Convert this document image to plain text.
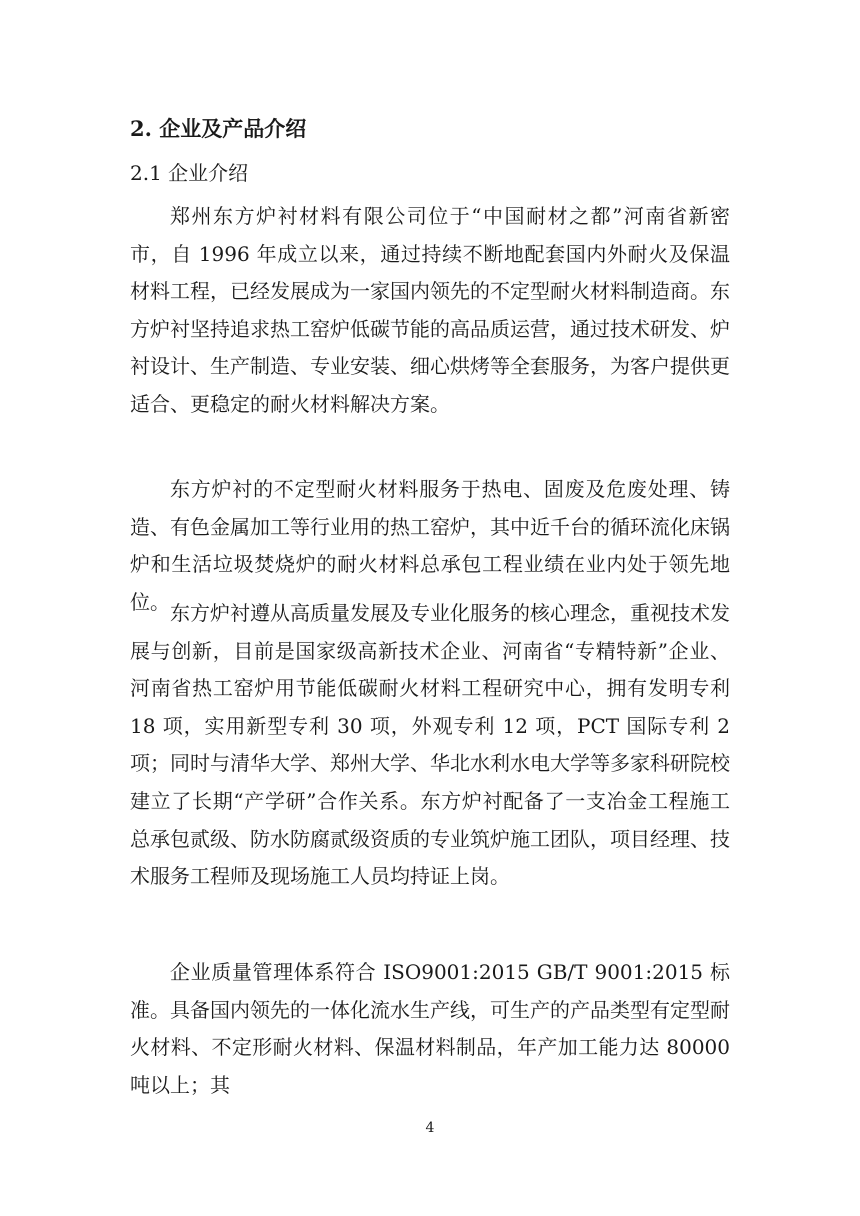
2. 企业及产品介绍
2.1 企业介绍

郑州东方炉衬材料有限公司位于“中国耐材之都”河南省新密市，自 1996 年成立以来，通过持续不断地配套国内外耐火及保温材料工程，已经发展成为一家国内领先的不定型耐火材料制造商。东方炉衬坚持追求热工窑炉低碳节能的高品质运营，通过技术研发、炉衬设计、生产制造、专业安装、细心烘烤等全套服务，为客户提供更适合、更稳定的耐火材料解决方案。

东方炉衬的不定型耐火材料服务于热电、固废及危废处理、铸造、有色金属加工等行业用的热工窑炉，其中近千台的循环流化床锅炉和生活垃圾焚烧炉的耐火材料总承包工程业绩在业内处于领先地位。 东方炉衬遵从高质量发展及专业化服务的核心理念，重视技术发展与创新，目前是国家级高新技术企业、河南省“专精特新”企业、河南省热工窑炉用节能低碳耐火材料工程研究中心，拥有发明专利 18 项，实用新型专利 30 项，外观专利 12 项，PCT 国际专利 2 项；同时与清华大学、郑州大学、华北水利水电大学等多家科研院校建立了长期“产学研”合作关系。东方炉衬配备了一支冶金工程施工总承包贰级、防水防腐贰级资质的专业筑炉施工团队，项目经理、技术服务工程师及现场施工人员均持证上岗。

企业质量管理体系符合 ISO9001:2015 GB/T 9001:2015 标准。具备国内领先的一体化流水生产线，可生产的产品类型有定型耐火材料、不定形耐火材料、保温材料制品，年产加工能力达 80000 吨以上；其

4
